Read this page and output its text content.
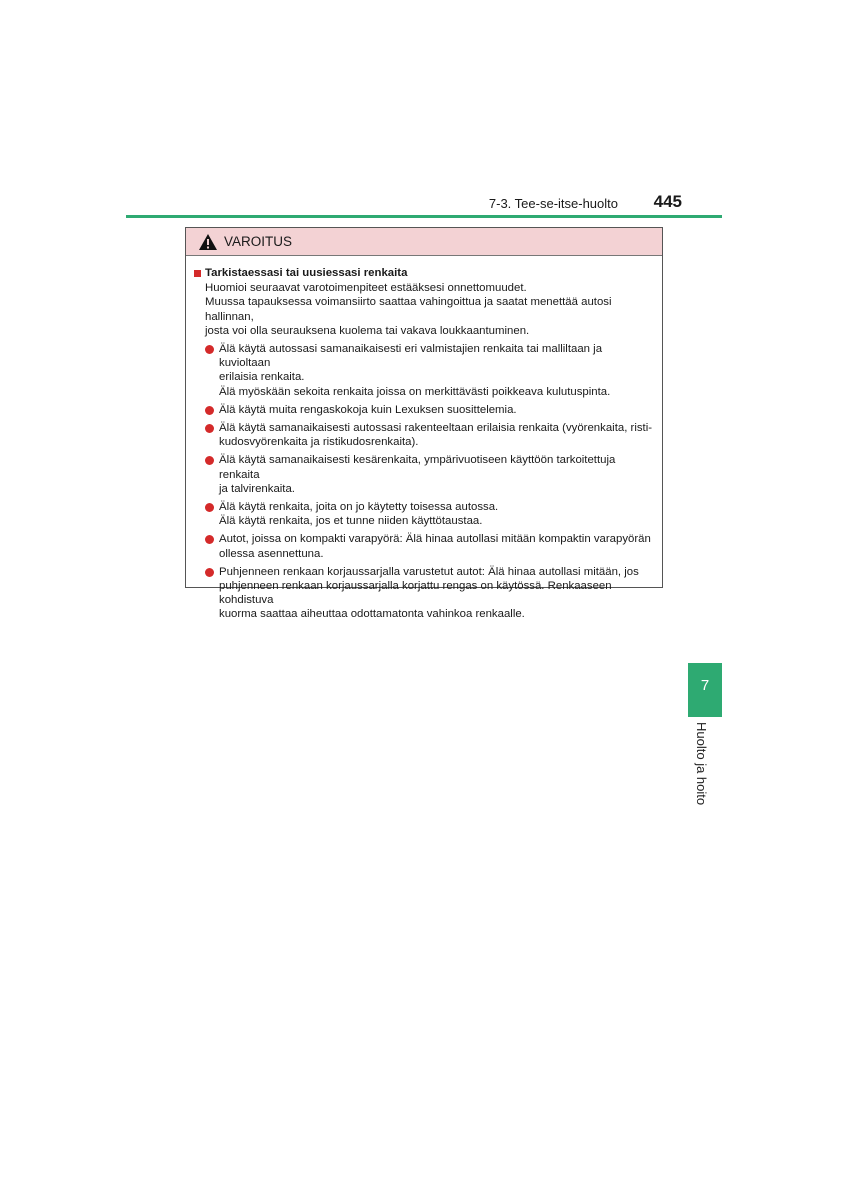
7-3. Tee-se-itse-huolto 445
VAROITUS
Tarkistaessasi tai uusiessasi renkaita
Huomioi seuraavat varotoimenpiteet estääksesi onnettomuudet.
Muussa tapauksessa voimansiirto saattaa vahingoittua ja saatat menettää autosi hallinnan,
josta voi olla seurauksena kuolema tai vakava loukkaantuminen.
Älä käytä autossasi samanaikaisesti eri valmistajien renkaita tai malliltaan ja kuvioltaan
erilaisia renkaita.
Älä myöskään sekoita renkaita joissa on merkittävästi poikkeava kulutuspinta.
Älä käytä muita rengaskokoja kuin Lexuksen suosittelemia.
Älä käytä samanaikaisesti autossasi rakenteeltaan erilaisia renkaita (vyörenkaita, risti-
kudosvyörenkaita ja ristikudosrenkaita).
Älä käytä samanaikaisesti kesärenkaita, ympärivuotiseen käyttöön tarkoitettuja renkaita
ja talvirenkaita.
Älä käytä renkaita, joita on jo käytetty toisessa autossa.
Älä käytä renkaita, jos et tunne niiden käyttötaustaa.
Autot, joissa on kompakti varapyörä: Älä hinaa autollasi mitään kompaktin varapyörän
ollessa asennettuna.
Puhjenneen renkaan korjaussarjalla varustetut autot: Älä hinaa autollasi mitään, jos
puhjenneen renkaan korjaussarjalla korjattu rengas on käytössä. Renkaaseen kohdistuva
kuorma saattaa aiheuttaa odottamatonta vahinkoa renkaalle.
7
Huolto ja hoito
